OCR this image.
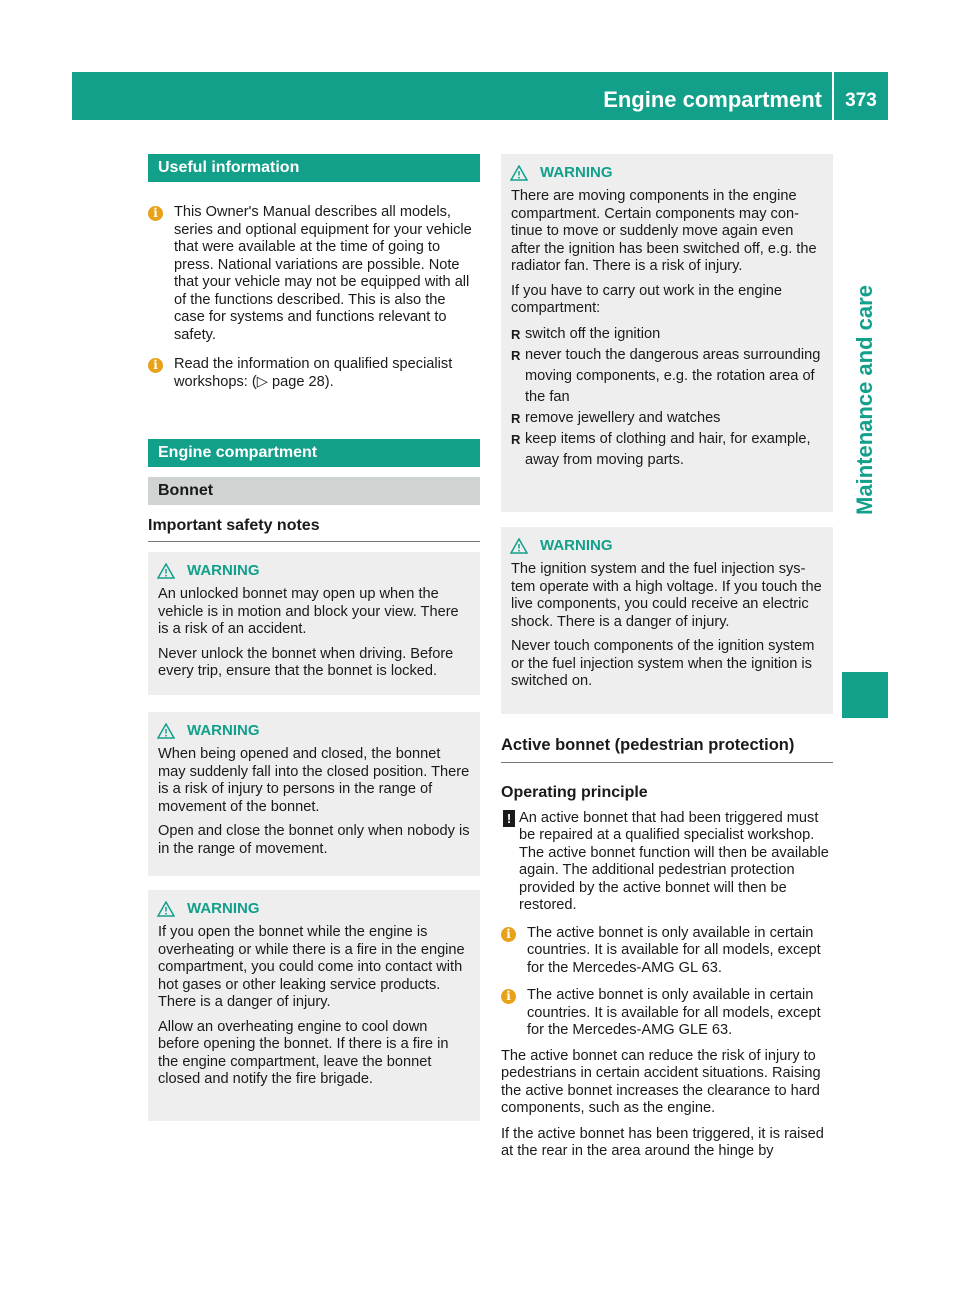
Engine compartment	373
Maintenance and care
Useful information
i	This Owner's Manual describes all models, series and optional equipment for your vehicle that were available at the time of going to press. National variations are possible. Note that your vehicle may not be equipped with all of the functions described. This is also the case for systems and functions relevant to safety.
i	Read the information on qualified specialist workshops: (▷ page 28).
Engine compartment
Bonnet
Important safety notes
WARNING

An unlocked bonnet may open up when the vehicle is in motion and block your view. There is a risk of an accident.

Never unlock the bonnet when driving. Before every trip, ensure that the bonnet is locked.

WARNING

When being opened and closed, the bonnet may suddenly fall into the closed position. There is a risk of injury to persons in the range of movement of the bonnet.

Open and close the bonnet only when nobody is in the range of movement.

WARNING

If you open the bonnet while the engine is overheating or while there is a fire in the engine compartment, you could come into contact with hot gases or other leaking service products. There is a danger of injury.

Allow an overheating engine to cool down before opening the bonnet. If there is a fire in the engine compartment, leave the bonnet closed and notify the fire brigade.

WARNING

There are moving components in the engine compartment. Certain components may continue to move or suddenly move again even after the ignition has been switched off, e.g. the radiator fan. There is a risk of injury.

If you have to carry out work in the engine compartment:

R switch off the ignition
R never touch the dangerous areas surrounding moving components, e.g. the rotation area of the fan
R remove jewellery and watches
R keep items of clothing and hair, for example, away from moving parts.
WARNING

The ignition system and the fuel injection system operate with a high voltage. If you touch the live components, you could receive an electric shock. There is a danger of injury.

Never touch components of the ignition system or the fuel injection system when the ignition is switched on.

Active bonnet (pedestrian protection)
Operating principle
! An active bonnet that had been triggered must be repaired at a qualified specialist workshop. The active bonnet function will then be available again. The additional pedestrian protection provided by the active bonnet will then be restored.
i	The active bonnet is only available in certain countries. It is available for all models, except for the Mercedes-AMG GL 63.
i	The active bonnet is only available in certain countries. It is available for all models, except for the Mercedes-AMG GLE 63.

The active bonnet can reduce the risk of injury to pedestrians in certain accident situations. Raising the active bonnet increases the clearance to hard components, such as the engine.

If the active bonnet has been triggered, it is raised at the rear in the area around the hinge by
